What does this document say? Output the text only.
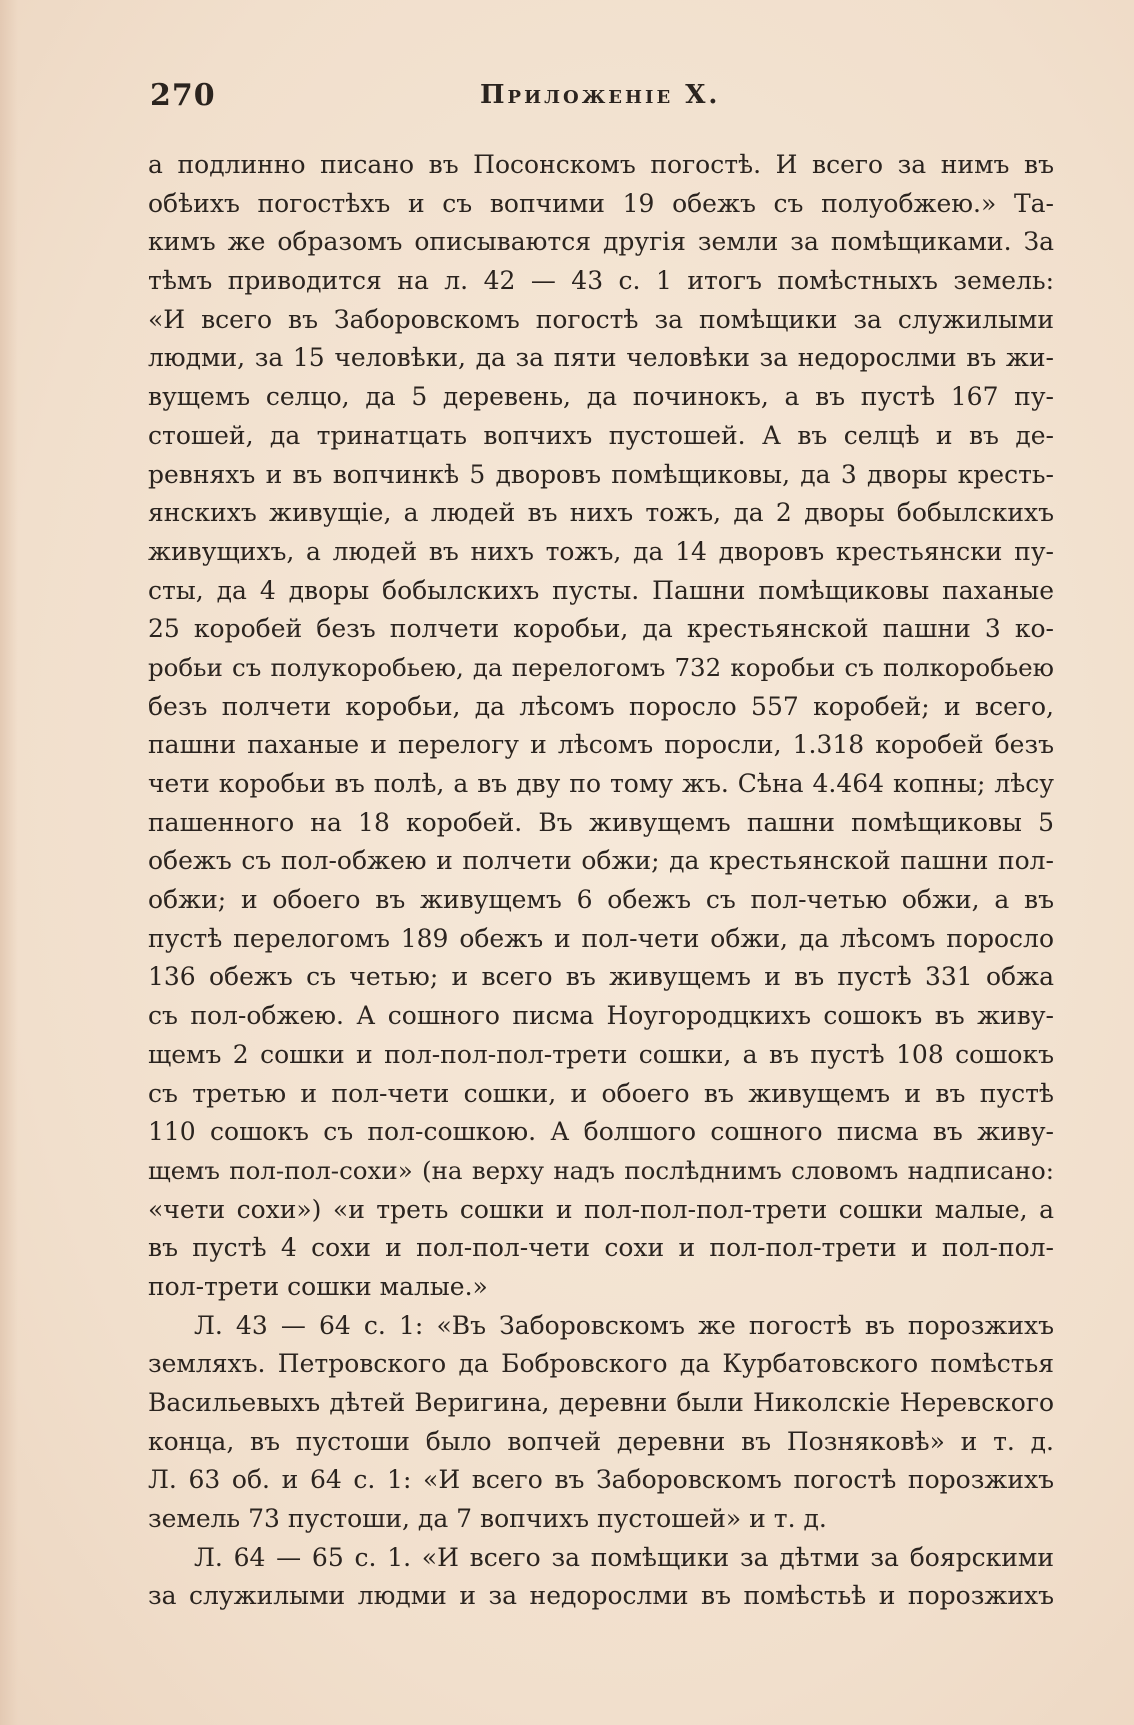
270	Приложеніе X.
а подлинно писано въ Посонскомъ погостѣ. И всего за нимъ въ
обѣихъ погостѣхъ и съ вопчими 19 обежъ съ полуобжею.» Та-
кимъ же образомъ описываются другія земли за помѣщиками. За
тѣмъ приводится на л. 42 — 43 с. 1 итогъ помѣстныхъ земель:
«И всего въ Заборовскомъ погостѣ за помѣщики за служилыми
людми, за 15 человѣки, да за пяти человѣки за недорослми въ жи-
вущемъ селцо, да 5 деревень, да починокъ, а въ пустѣ 167 пу-
стошей, да тринатцать вопчихъ пустошей. А въ селцѣ и въ де-
ревняхъ и въ вопчинкѣ 5 дворовъ помѣщиковы, да 3 дворы кресть-
янскихъ живущіе, а людей въ нихъ тожъ, да 2 дворы бобылскихъ
живущихъ, а людей въ нихъ тожъ, да 14 дворовъ крестьянски пу-
сты, да 4 дворы бобылскихъ пусты. Пашни помѣщиковы паханые
25 коробей безъ полчети коробьи, да крестьянской пашни 3 ко-
робьи съ полукоробьею, да перелогомъ 732 коробьи съ полкоробьею
безъ полчети коробьи, да лѣсомъ поросло 557 коробей; и всего,
пашни паханые и перелогу и лѣсомъ поросли, 1.318 коробей безъ
чети коробьи въ полѣ, а въ дву по тому жъ. Сѣна 4.464 копны; лѣсу
пашенного на 18 коробей. Въ живущемъ пашни помѣщиковы 5
обежъ съ пол-обжею и полчети обжи; да крестьянской пашни пол-
обжи; и обоего въ живущемъ 6 обежъ съ пол-четью обжи, а въ
пустѣ перелогомъ 189 обежъ и пол-чети обжи, да лѣсомъ поросло
136 обежъ съ четью; и всего въ живущемъ и въ пустѣ 331 обжа
съ пол-обжею. А сошного писма Ноугородцкихъ сошокъ въ живу-
щемъ 2 сошки и пол-пол-пол-трети сошки, а въ пустѣ 108 сошокъ
съ третью и пол-чети сошки, и обоего въ живущемъ и въ пустѣ
110 сошокъ съ пол-сошкою. А болшого сошного писма въ живу-
щемъ пол-пол-сохи» (на верху надъ послѣднимъ словомъ надписано:
«чети сохи») «и треть сошки и пол-пол-пол-трети сошки малые, а
въ пустѣ 4 сохи и пол-пол-чети сохи и пол-пол-трети и пол-пол-
пол-трети сошки малые.»
Л. 43 — 64 с. 1: «Въ Заборовскомъ же погостѣ въ порозжихъ
земляхъ. Петровского да Бобровского да Курбатовского помѣстья
Васильевыхъ дѣтей Веригина, деревни были Николскіе Неревского
конца, въ пустоши было вопчей деревни въ Позняковѣ» и т. д.
Л. 63 об. и 64 с. 1: «И всего въ Заборовскомъ погостѣ порозжихъ
земель 73 пустоши, да 7 вопчихъ пустошей» и т. д.
Л. 64 — 65 с. 1. «И всего за помѣщики за дѣтми за боярскими
за служилыми людми и за недорослми въ помѣстьѣ и порозжихъ
